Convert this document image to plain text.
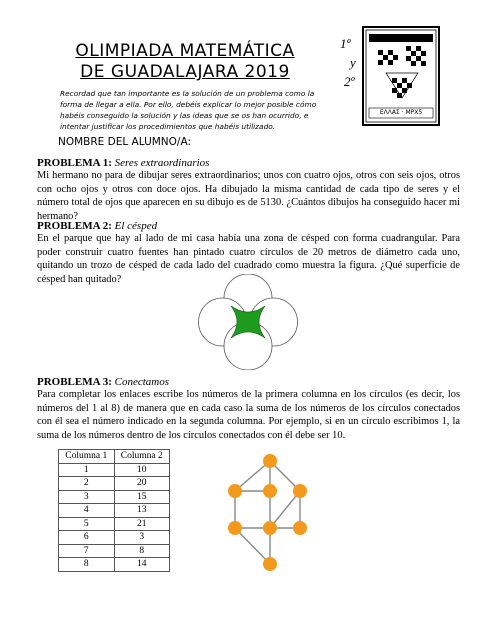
OLIMPIADA MATEMÁTICA
DE GUADALAJARA 2019
Recordad que tan importante es la solución de un problema como la forma de llegar a ella. Por ello, debéis explicar lo mejor posible cómo habéis conseguido la solución y las ideas que se os han ocurrido, e intentar justificar los procedimientos que habéis utilizado.
1º
y
2º
ΕΛΛΑΣ · ΜΡΧ5
NOMBRE DEL ALUMNO/A:
PROBLEMA 1: Seres extraordinarios
Mi hermano no para de dibujar seres extraordinarios; unos con cuatro ojos, otros con seis ojos, otros con ocho ojos y otros con doce ojos. Ha dibujado la misma cantidad de cada tipo de seres y el número total de ojos que aparecen en su dibujo es de 5130. ¿Cuántos dibujos ha conseguido hacer mi hermano?
PROBLEMA 2: El césped
En el parque que hay al lado de mi casa había una zona de césped con forma cuadrangular. Para poder construir cuatro fuentes han pintado cuatro círculos de 20 metros de diámetro cada uno, quitando un trozo de césped de cada lado del cuadrado como muestra la figura. ¿Qué superficie de césped han quitado?
PROBLEMA 3: Conectamos
Para completar los enlaces escribe los números de la primera columna en los círculos (es decir, los números del 1 al 8) de manera que en cada caso la suma de los números de los círculos conectados con él sea el número indicado en la segunda columna. Por ejemplo, si en un círculo escribimos 1, la suma de los números dentro de los círculos conectados con él debe ser 10.
Columna 1	Columna 2
1	10
2	20
3	15
4	13
5	21
6	3
7	8
8	14
